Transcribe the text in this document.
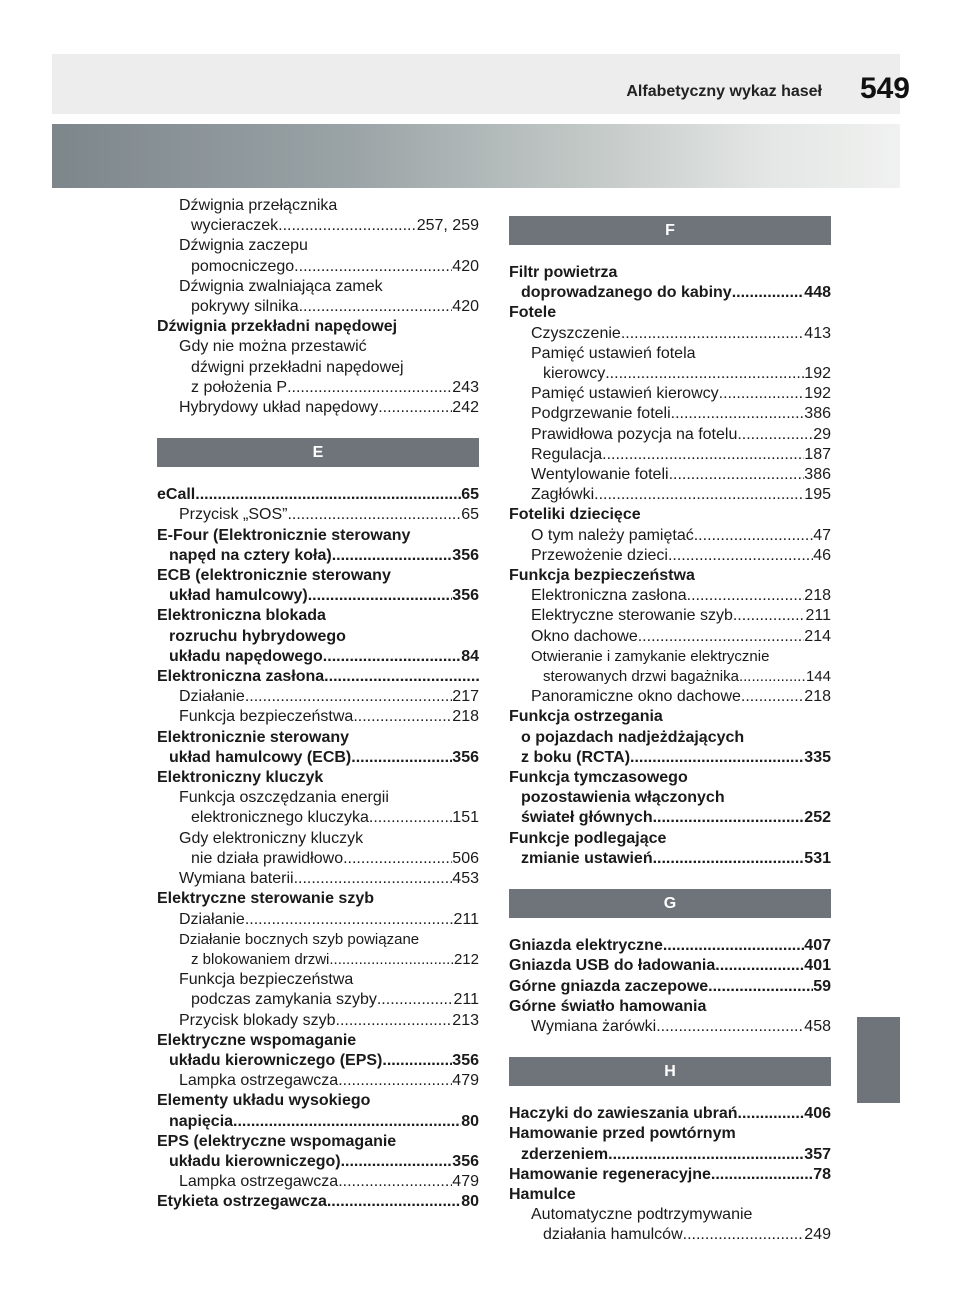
Alfabetyczny wykaz haseł 549
Dźwignia przełącznika
wycieraczek .....	257, 259
Dźwignia zaczepu
pomocniczego .....	420
Dźwignia zwalniająca zamek
pokrywy silnika .....	420
Dźwignia przekładni napędowej
Gdy nie można przestawić
dźwigni przekładni napędowej
z położenia P .....	243
Hybrydowy układ napędowy .....	242
E
eCall .....	65
Przycisk „SOS” .....	65
E-Four (Elektronicznie sterowany
napęd na cztery koła) .....	356
ECB (elektronicznie sterowany
układ hamulcowy) .....	356
Elektroniczna blokada
rozruchu hybrydowego
układu napędowego .....	84
Elektroniczna zasłona
.....
Działanie .....	217
Funkcja bezpieczeństwa .....	218
Elektronicznie sterowany
układ hamulcowy (ECB) .....	356
Elektroniczny kluczyk
Funkcja oszczędzania energii
elektronicznego kluczyka .....	151
Gdy elektroniczny kluczyk
nie działa prawidłowo .....	506
Wymiana baterii .....	453
Elektryczne sterowanie szyb
Działanie .....	211
Działanie bocznych szyb powiązane
z blokowaniem drzwi .....	212
Funkcja bezpieczeństwa
podczas zamykania szyby .....	211
Przycisk blokady szyb .....	213
Elektryczne wspomaganie
układu kierowniczego (EPS) .....	356
Lampka ostrzegawcza .....	479
Elementy układu wysokiego
napięcia .....	80
EPS (elektryczne wspomaganie
układu kierowniczego) .....	356
Lampka ostrzegawcza .....	479
Etykieta ostrzegawcza .....	80
F
Filtr powietrza
doprowadzanego do kabiny .....	448
Fotele
Czyszczenie .....	413
Pamięć ustawień fotela
kierowcy .....	192
Pamięć ustawień kierowcy .....	192
Podgrzewanie foteli .....	386
Prawidłowa pozycja na fotelu .....	29
Regulacja .....	187
Wentylowanie foteli .....	386
Zagłówki .....	195
Foteliki dziecięce
O tym należy pamiętać .....	47
Przewożenie dzieci .....	46
Funkcja bezpieczeństwa
Elektroniczna zasłona .....	218
Elektryczne sterowanie szyb .....	211
Okno dachowe .....	214
Otwieranie i zamykanie elektrycznie
sterowanych drzwi bagażnika .....	144
Panoramiczne okno dachowe .....	218
Funkcja ostrzegania
o pojazdach nadjeżdżających
z boku (RCTA) .....	335
Funkcja tymczasowego
pozostawienia włączonych
świateł głównych .....	252
Funkcje podlegające
zmianie ustawień .....	531
G
Gniazda elektryczne .....	407
Gniazda USB do ładowania .....	401
Górne gniazda zaczepowe .....	59
Górne światło hamowania
Wymiana żarówki .....	458
H
Haczyki do zawieszania ubrań .....	406
Hamowanie przed powtórnym
zderzeniem .....	357
Hamowanie regeneracyjne .....	78
Hamulce
Automatyczne podtrzymywanie
działania hamulców .....	249
